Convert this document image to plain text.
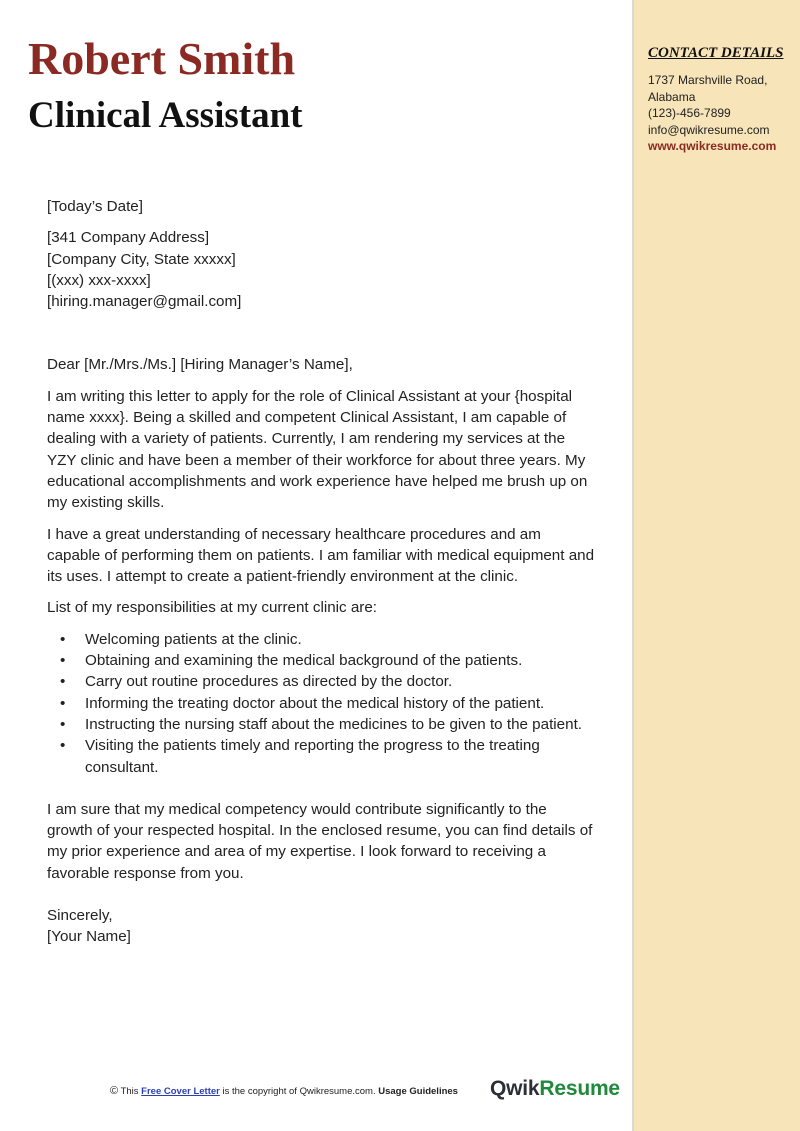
Robert Smith
Clinical Assistant

[Today’s Date]

[341 Company Address]
[Company City, State xxxxx]
[(xxx) xxx-xxxx]
[hiring.manager@gmail.com]

Dear [Mr./Mrs./Ms.] [Hiring Manager’s Name],

I am writing this letter to apply for the role of Clinical Assistant at your {hospital name xxxx}. Being a skilled and competent Clinical Assistant, I am capable of dealing with a variety of patients. Currently, I am rendering my services at the YZY clinic and have been a member of their workforce for about three years. My educational accomplishments and work experience have helped me brush up on my existing skills.

I have a great understanding of necessary healthcare procedures and am capable of performing them on patients. I am familiar with medical equipment and its uses. I attempt to create a patient-friendly environment at the clinic.

List of my responsibilities at my current clinic are:

• Welcoming patients at the clinic.
• Obtaining and examining the medical background of the patients.
• Carry out routine procedures as directed by the doctor.
• Informing the treating doctor about the medical history of the patient.
• Instructing the nursing staff about the medicines to be given to the patient.
• Visiting the patients timely and reporting the progress to the treating consultant.

I am sure that my medical competency would contribute significantly to the growth of your respected hospital. In the enclosed resume, you can find details of my prior experience and area of my expertise. I look forward to receiving a favorable response from you.

Sincerely,

[Your Name]

© This Free Cover Letter is the copyright of Qwikresume.com. Usage Guidelines QwikResume
CONTACT DETAILS
1737 Marshville Road,
Alabama
(123)-456-7899
info@qwikresume.com
www.qwikresume.com
